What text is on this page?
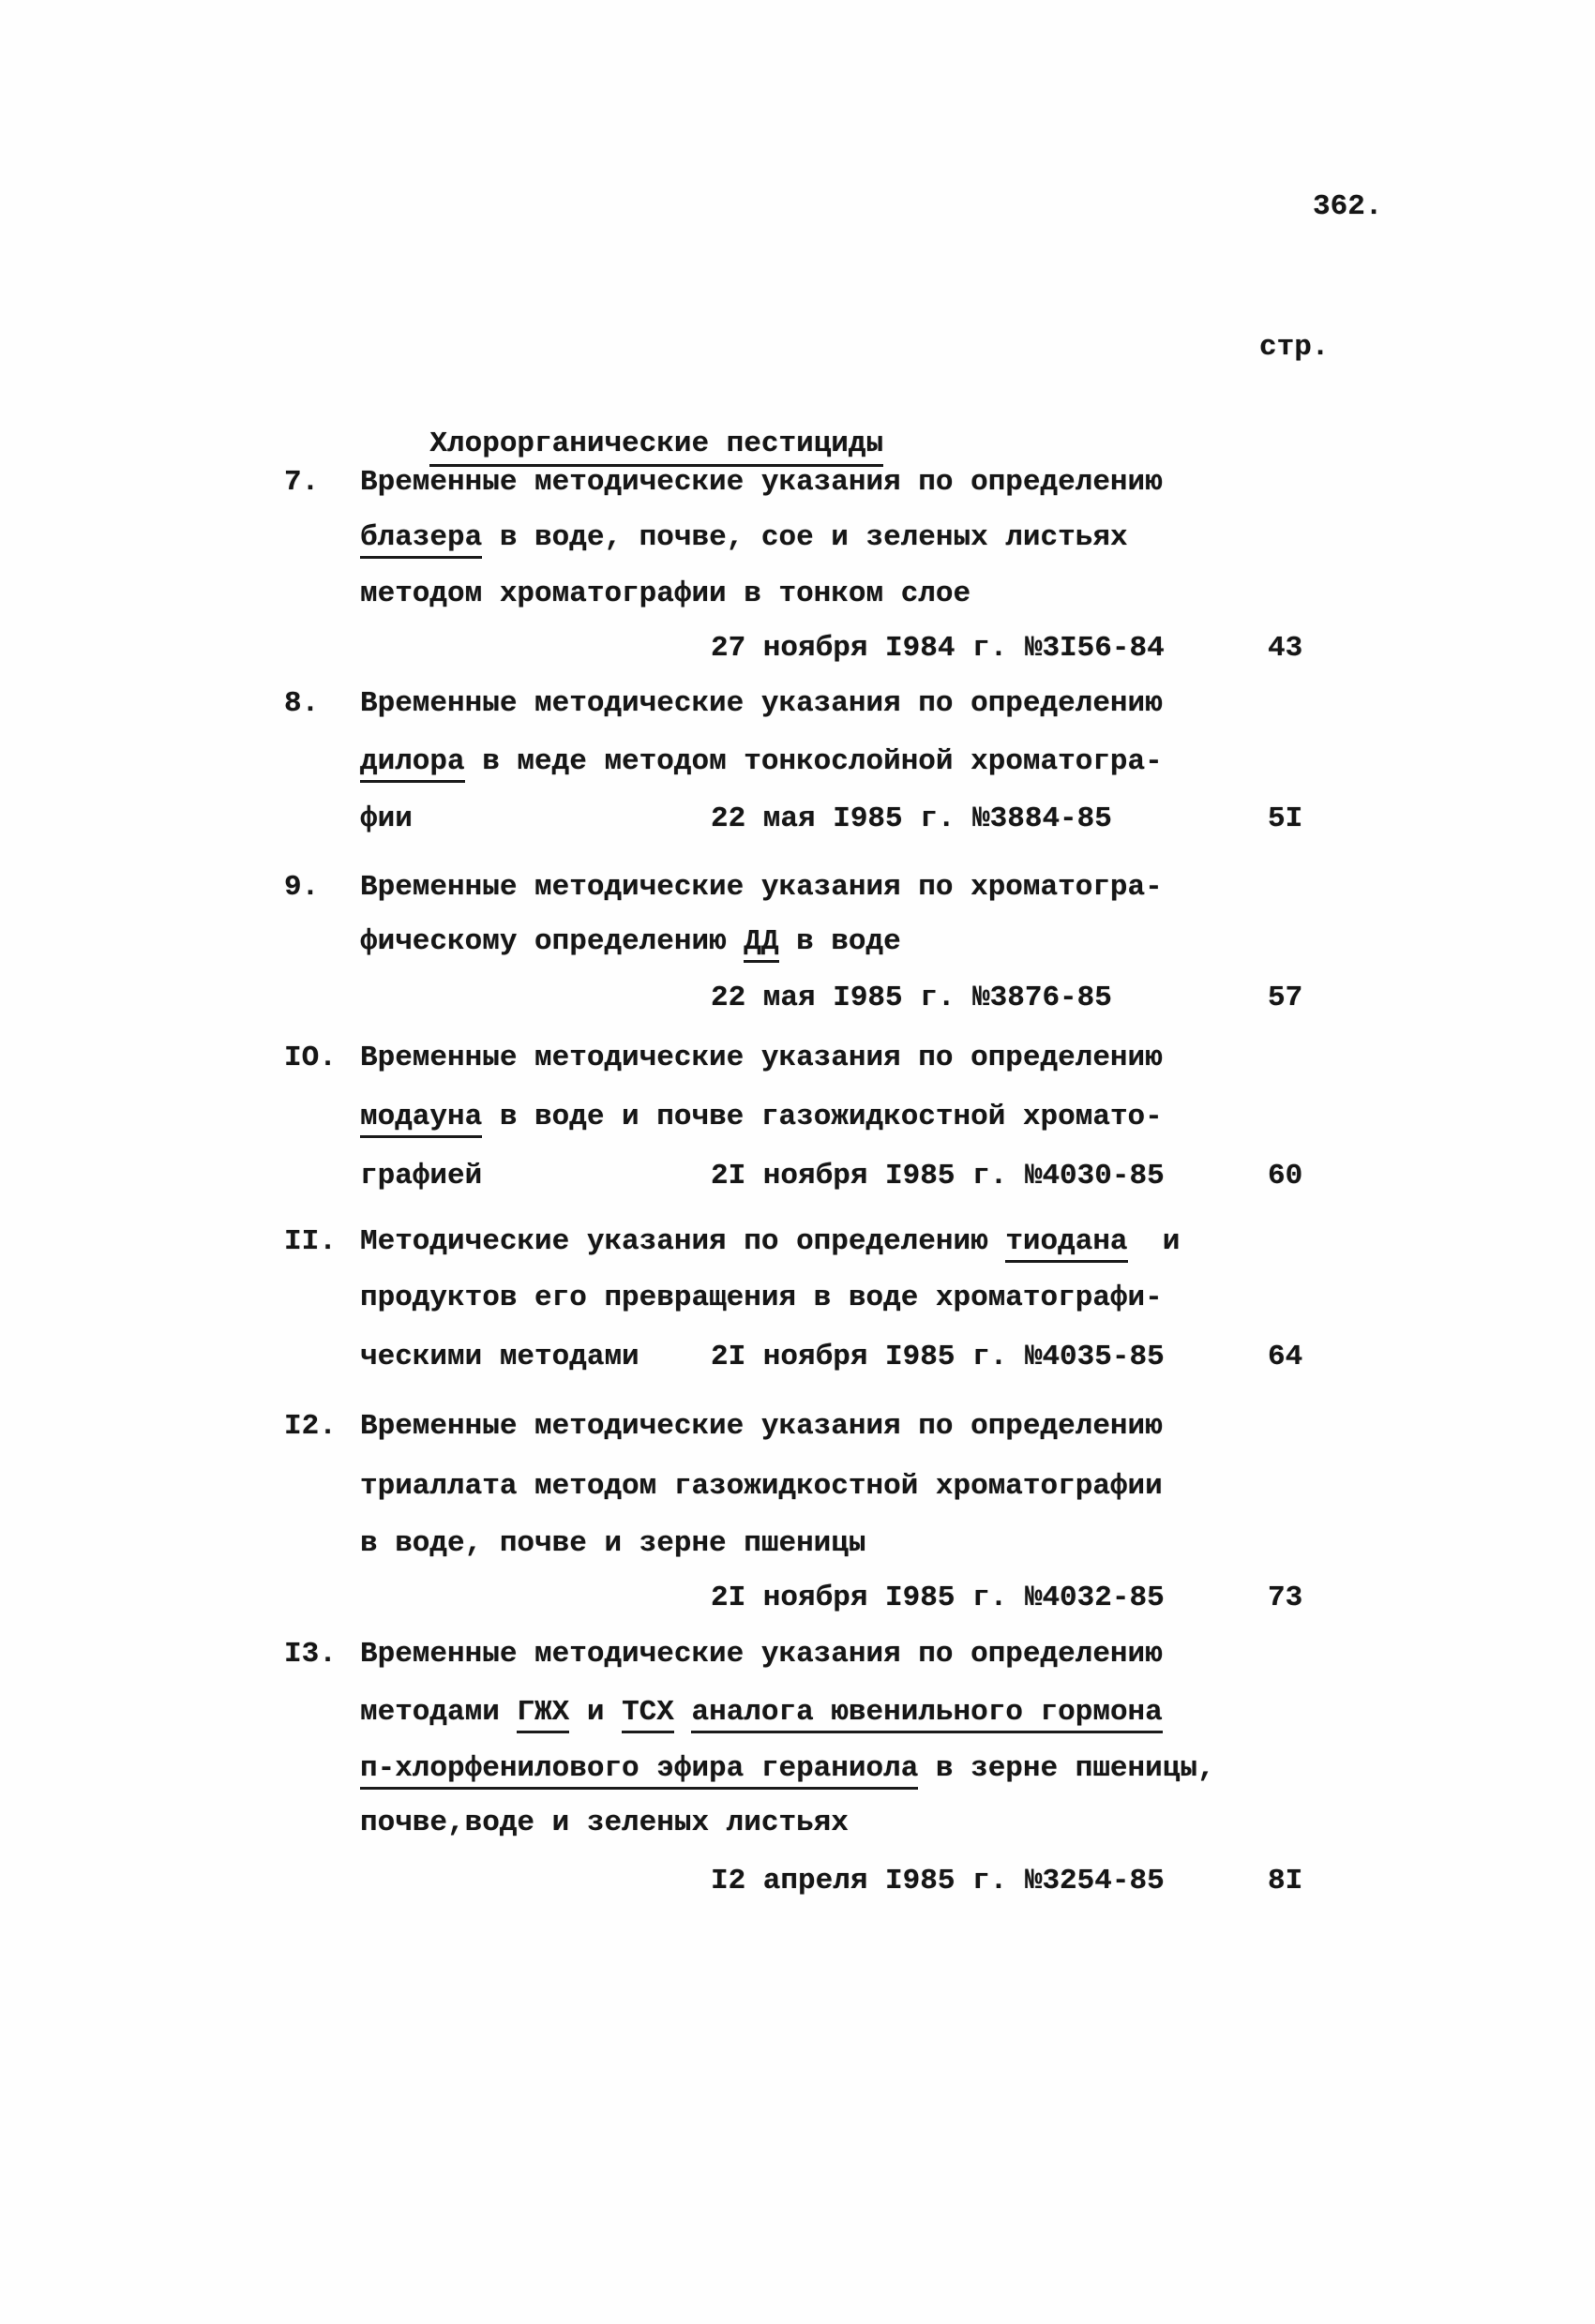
362.
стр.

Хлорорганические пестициды

7. Временные методические указания по определению
блазера в воде, почве, сое и зеленых листьях
методом хроматографии в тонком слое
27 ноября I984 г. №3I56-84	43
8. Временные методические указания по определению
дилора в меде методом тонкослойной хроматогра-
фии	22 мая I985 г. №3884-85	5I
9. Временные методические указания по хроматогра-
фическому определению ДД в воде
22 мая I985 г. №3876-85	57
IO. Временные методические указания по определению
модауна в воде и почве газожидкостной хромато-
графией	2I ноября I985 г. №4030-85	60
II. Методические указания по определению тиодана  и
продуктов его превращения в воде хроматографи-
ческими методами 2I ноября I985 г. №4035-85	64
I2. Временные методические указания по определению
триаллата методом газожидкостной хроматографии
в воде, почве и зерне пшеницы
2I ноября I985 г. №4032-85	73
I3. Временные методические указания по определению
методами ГЖХ и ТСХ аналога ювенильного гормона
п-хлорфенилового эфира гераниола в зерне пшеницы,
почве,воде и зеленых листьях
I2 апреля I985 г. №3254-85	8I
